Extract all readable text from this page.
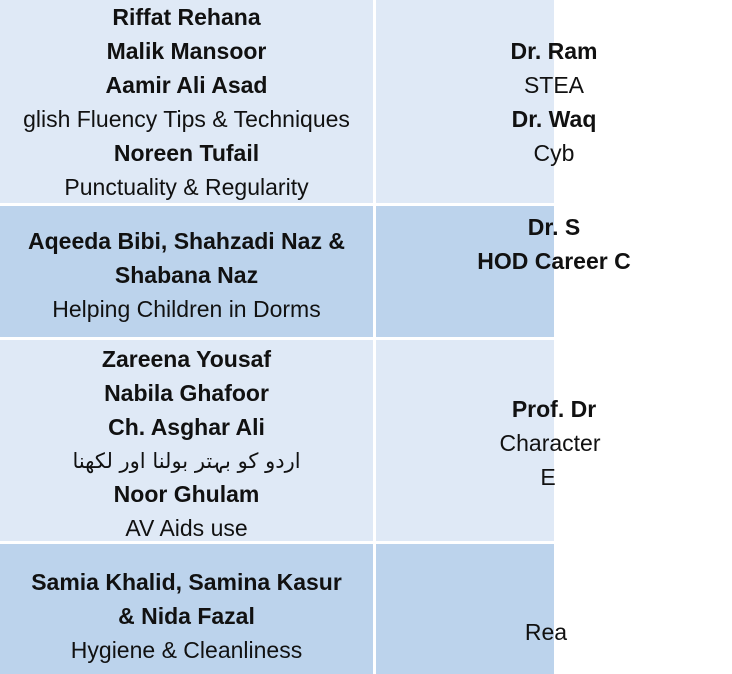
Riffat Rehana
Malik Mansoor
Aamir Ali Asad
glish Fluency Tips & Techniques
Noreen Tufail
Punctuality & Regularity
Dr. Ram
STEA
Dr. Waq
Cyb
Aqeeda Bibi, Shahzadi Naz &
Shabana Naz
Helping Children in Dorms
Dr. S
HOD Career C
Zareena Yousaf
Nabila Ghafoor
Ch. Asghar Ali
اردو کو بہتر بولنا اور لکھنا
Noor Ghulam
AV Aids use
Prof. Dr
Character
E
Samia Khalid, Samina Kasur
& Nida Fazal
Hygiene & Cleanliness
Rea
